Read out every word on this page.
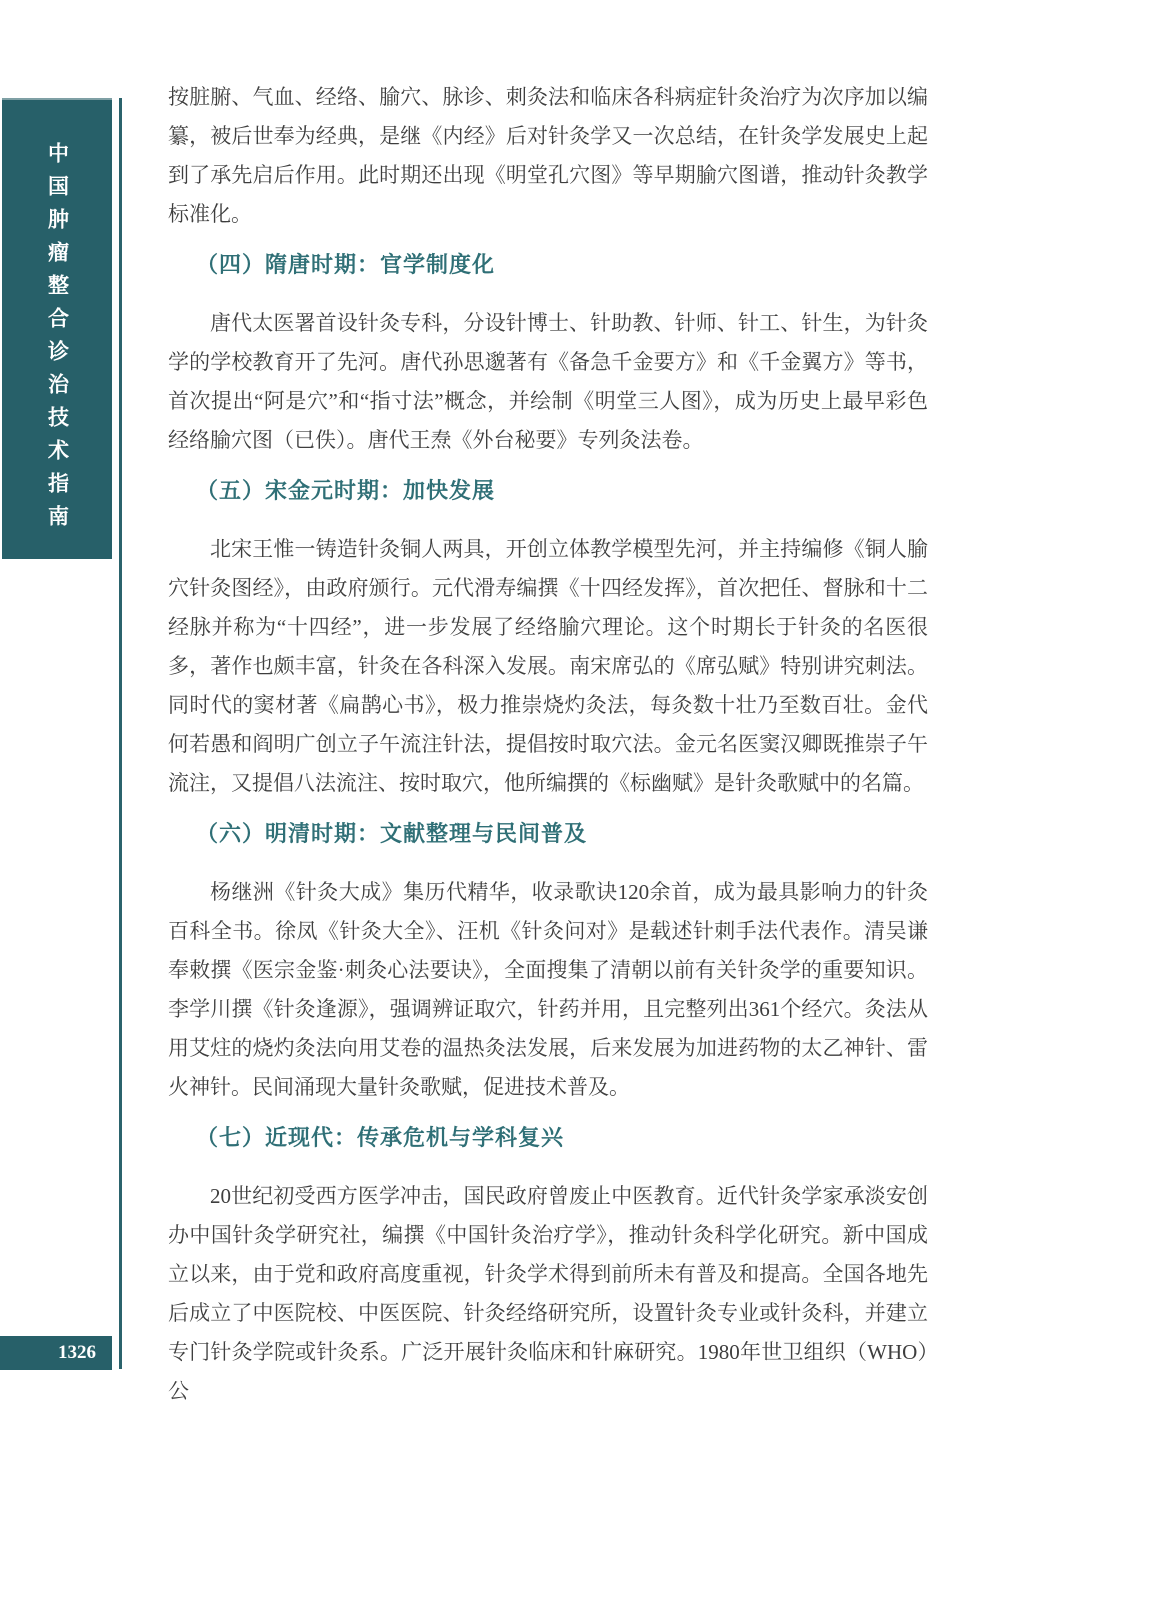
中国肿瘤整合诊治技术指南
1326

按脏腑、气血、经络、腧穴、脉诊、刺灸法和临床各科病症针灸治疗为次序加以编纂，被后世奉为经典，是继《内经》后对针灸学又一次总结，在针灸学发展史上起到了承先启后作用。此时期还出现《明堂孔穴图》等早期腧穴图谱，推动针灸教学标准化。

（四）隋唐时期：官学制度化

唐代太医署首设针灸专科，分设针博士、针助教、针师、针工、针生，为针灸学的学校教育开了先河。唐代孙思邈著有《备急千金要方》和《千金翼方》等书，首次提出“阿是穴”和“指寸法”概念，并绘制《明堂三人图》，成为历史上最早彩色经络腧穴图（已佚）。唐代王焘《外台秘要》专列灸法卷。

（五）宋金元时期：加快发展

北宋王惟一铸造针灸铜人两具，开创立体教学模型先河，并主持编修《铜人腧穴针灸图经》，由政府颁行。元代滑寿编撰《十四经发挥》，首次把任、督脉和十二经脉并称为“十四经”，进一步发展了经络腧穴理论。这个时期长于针灸的名医很多，著作也颇丰富，针灸在各科深入发展。南宋席弘的《席弘赋》特别讲究刺法。同时代的窦材著《扁鹊心书》，极力推崇烧灼灸法，每灸数十壮乃至数百壮。金代何若愚和阎明广创立子午流注针法，提倡按时取穴法。金元名医窦汉卿既推崇子午流注，又提倡八法流注、按时取穴，他所编撰的《标幽赋》是针灸歌赋中的名篇。

（六）明清时期：文献整理与民间普及

杨继洲《针灸大成》集历代精华，收录歌诀120余首，成为最具影响力的针灸百科全书。徐凤《针灸大全》、汪机《针灸问对》是载述针刺手法代表作。清吴谦奉敕撰《医宗金鉴·刺灸心法要诀》，全面搜集了清朝以前有关针灸学的重要知识。李学川撰《针灸逢源》，强调辨证取穴，针药并用，且完整列出361个经穴。灸法从用艾炷的烧灼灸法向用艾卷的温热灸法发展，后来发展为加进药物的太乙神针、雷火神针。民间涌现大量针灸歌赋，促进技术普及。

（七）近现代：传承危机与学科复兴

20世纪初受西方医学冲击，国民政府曾废止中医教育。近代针灸学家承淡安创办中国针灸学研究社，编撰《中国针灸治疗学》，推动针灸科学化研究。新中国成立以来，由于党和政府高度重视，针灸学术得到前所未有普及和提高。全国各地先后成立了中医院校、中医医院、针灸经络研究所，设置针灸专业或针灸科，并建立专门针灸学院或针灸系。广泛开展针灸临床和针麻研究。1980年世卫组织（WHO）公
